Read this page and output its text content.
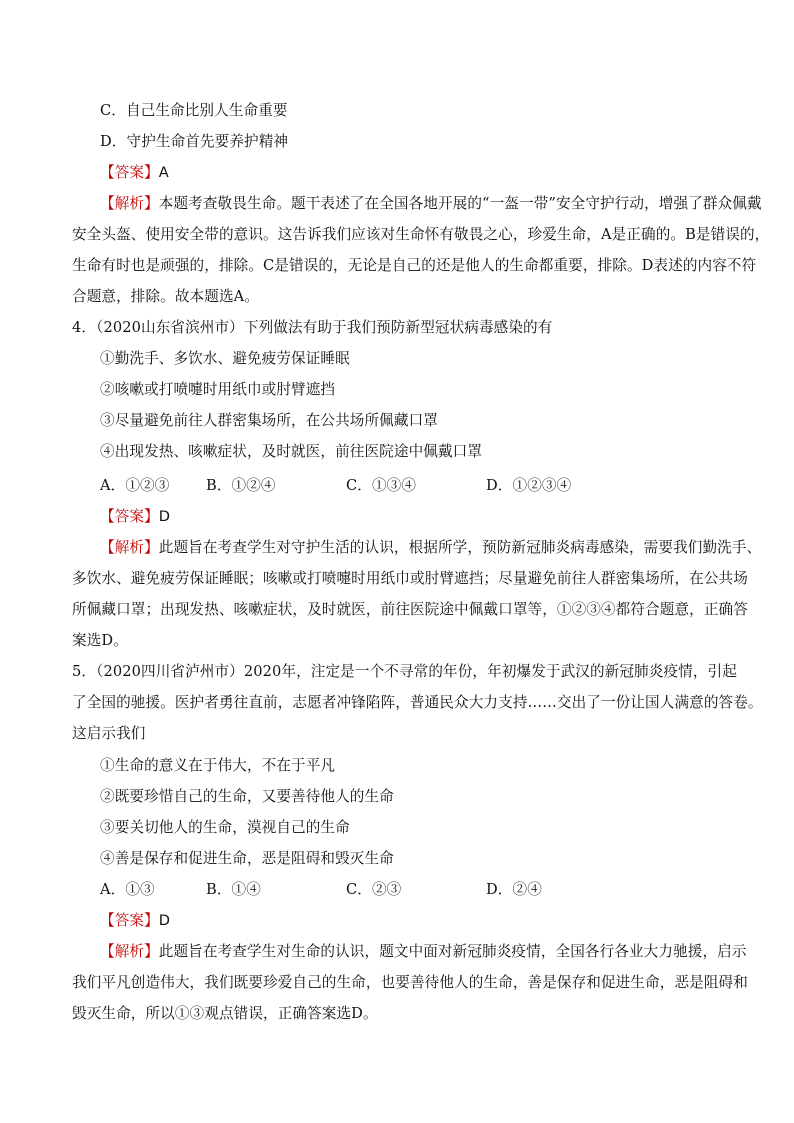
C．自己生命比别人生命重要
D．守护生命首先要养护精神
【答案】A
【解析】本题考查敬畏生命。题干表述了在全国各地开展的“一盔一带”安全守护行动，增强了群众佩戴
安全头盔、使用安全带的意识。这告诉我们应该对生命怀有敬畏之心，珍爱生命，A是正确的。B是错误的，
生命有时也是顽强的，排除。C是错误的，无论是自己的还是他人的生命都重要，排除。D表述的内容不符
合题意，排除。故本题选A。
4．（2020山东省滨州市）下列做法有助于我们预防新型冠状病毒感染的有
①勤洗手、多饮水、避免疲劳保证睡眠
②咳嗽或打喷嚏时用纸巾或肘臂遮挡
③尽量避免前往人群密集场所，在公共场所佩藏口罩
④出现发热、咳嗽症状，及时就医，前往医院途中佩戴口罩
A．①②③	B．①②④	C．①③④	D．①②③④
【答案】D
【解析】此题旨在考查学生对守护生活的认识，根据所学，预防新冠肺炎病毒感染，需要我们勤洗手、
多饮水、避免疲劳保证睡眠；咳嗽或打喷嚏时用纸巾或肘臂遮挡；尽量避免前往人群密集场所，在公共场
所佩藏口罩；出现发热、咳嗽症状，及时就医，前往医院途中佩戴口罩等，①②③④都符合题意，正确答
案选D。
5．（2020四川省泸州市）2020年，注定是一个不寻常的年份，年初爆发于武汉的新冠肺炎疫情，引起
了全国的驰援。医护者勇往直前，志愿者冲锋陷阵，普通民众大力支持……交出了一份让国人满意的答卷。
这启示我们
①生命的意义在于伟大，不在于平凡
②既要珍惜自己的生命，又要善待他人的生命
③要关切他人的生命，漠视自己的生命
④善是保存和促进生命，恶是阻碍和毁灭生命
A．①③	B．①④	C．②③	D．②④
【答案】D
【解析】此题旨在考查学生对生命的认识，题文中面对新冠肺炎疫情，全国各行各业大力驰援，启示
我们平凡创造伟大，我们既要珍爱自己的生命，也要善待他人的生命，善是保存和促进生命，恶是阻碍和
毁灭生命，所以①③观点错误，正确答案选D。
